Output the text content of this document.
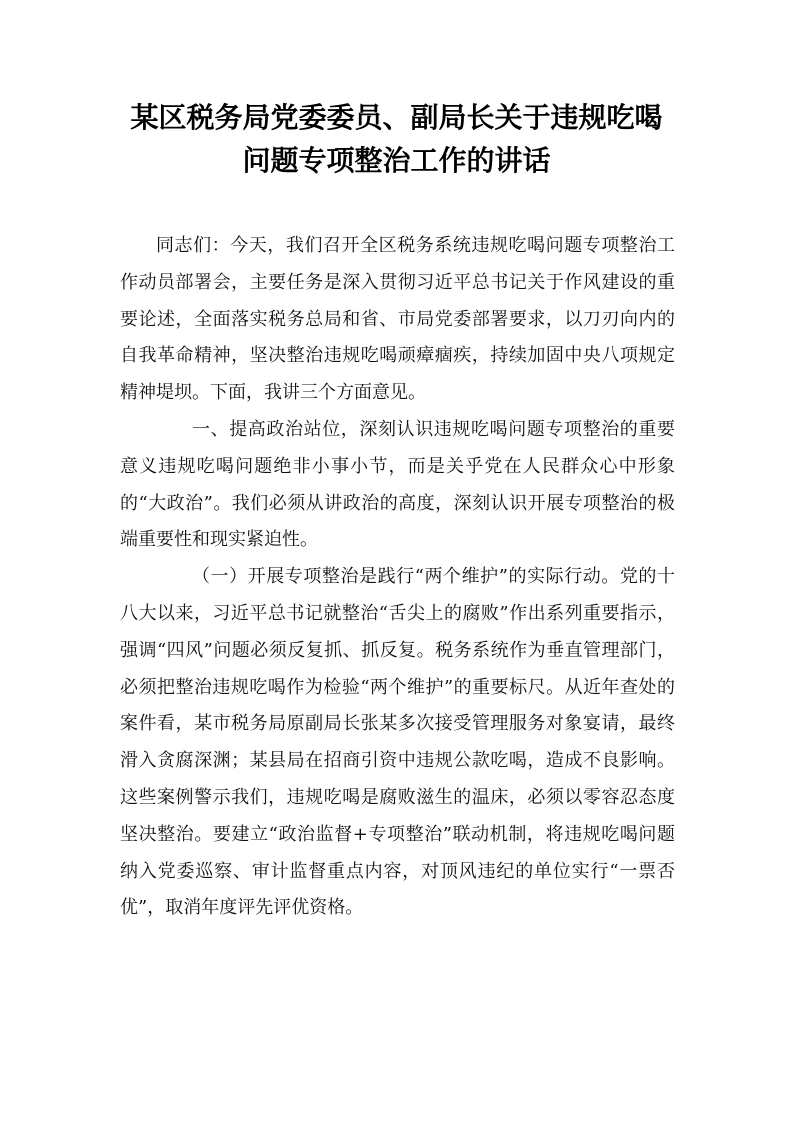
某区税务局党委委员、副局长关于违规吃喝
问题专项整治工作的讲话

同志们：今天，我们召开全区税务系统违规吃喝问题专项整治工作动员部署会，主要任务是深入贯彻习近平总书记关于作风建设的重要论述，全面落实税务总局和省、市局党委部署要求，以刀刃向内的自我革命精神，坚决整治违规吃喝顽瘴痼疾，持续加固中央八项规定精神堤坝。下面，我讲三个方面意见。

一、提高政治站位，深刻认识违规吃喝问题专项整治的重要意义违规吃喝问题绝非小事小节，而是关乎党在人民群众心中形象的“大政治”。我们必须从讲政治的高度，深刻认识开展专项整治的极端重要性和现实紧迫性。

（一）开展专项整治是践行“两个维护”的实际行动。党的十八大以来，习近平总书记就整治“舌尖上的腐败”作出系列重要指示，强调“四风”问题必须反复抓、抓反复。税务系统作为垂直管理部门，必须把整治违规吃喝作为检验“两个维护”的重要标尺。从近年查处的案件看，某市税务局原副局长张某多次接受管理服务对象宴请，最终滑入贪腐深渊；某县局在招商引资中违规公款吃喝，造成不良影响。这些案例警示我们，违规吃喝是腐败滋生的温床，必须以零容忍态度坚决整治。要建立“政治监督+专项整治”联动机制，将违规吃喝问题纳入党委巡察、审计监督重点内容，对顶风违纪的单位实行“一票否优”，取消年度评先评优资格。
